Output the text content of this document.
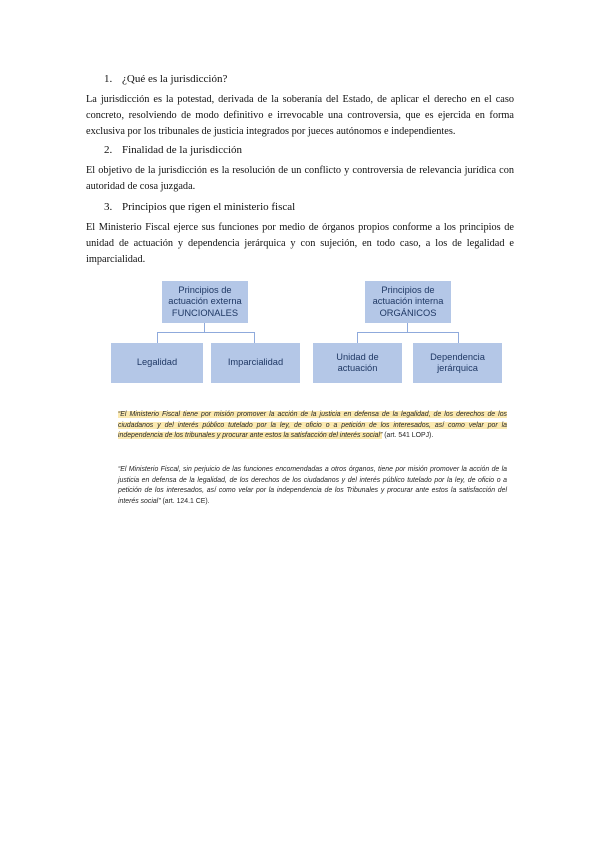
1. ¿Qué es la jurisdicción?
La jurisdicción es la potestad, derivada de la soberanía del Estado, de aplicar el derecho en el caso concreto, resolviendo de modo definitivo e irrevocable una controversia, que es ejercida en forma exclusiva por los tribunales de justicia integrados por jueces autónomos e independientes.
2. Finalidad de la jurisdicción
El objetivo de la jurisdicción es la resolución de un conflicto y controversia de relevancia jurídica con autoridad de cosa juzgada.
3. Principios que rigen el ministerio fiscal
El Ministerio Fiscal ejerce sus funciones por medio de órganos propios conforme a los principios de unidad de actuación y dependencia jerárquica y con sujeción, en todo caso, a los de legalidad e imparcialidad.
Principios de
actuación externa
FUNCIONALES
Principios de
actuación interna
ORGÁNICOS
Legalidad	Imparcialidad
Unidad de
actuación
Dependencia
jerárquica
“El Ministerio Fiscal tiene por misión promover la acción de la justicia en defensa de la legalidad, de los derechos de los ciudadanos y del interés público tutelado por la ley, de oficio o a petición de los interesados, así como velar por la independencia de los tribunales y procurar ante estos la satisfacción del interés social” (art. 541 LOPJ).
“El Ministerio Fiscal, sin perjuicio de las funciones encomendadas a otros órganos, tiene por misión promover la acción de la justicia en defensa de la legalidad, de los derechos de los ciudadanos y del interés público tutelado por la ley, de oficio o a petición de los interesados, así como velar por la independencia de los Tribunales y procurar ante estos la satisfacción del interés social” (art. 124.1 CE).
